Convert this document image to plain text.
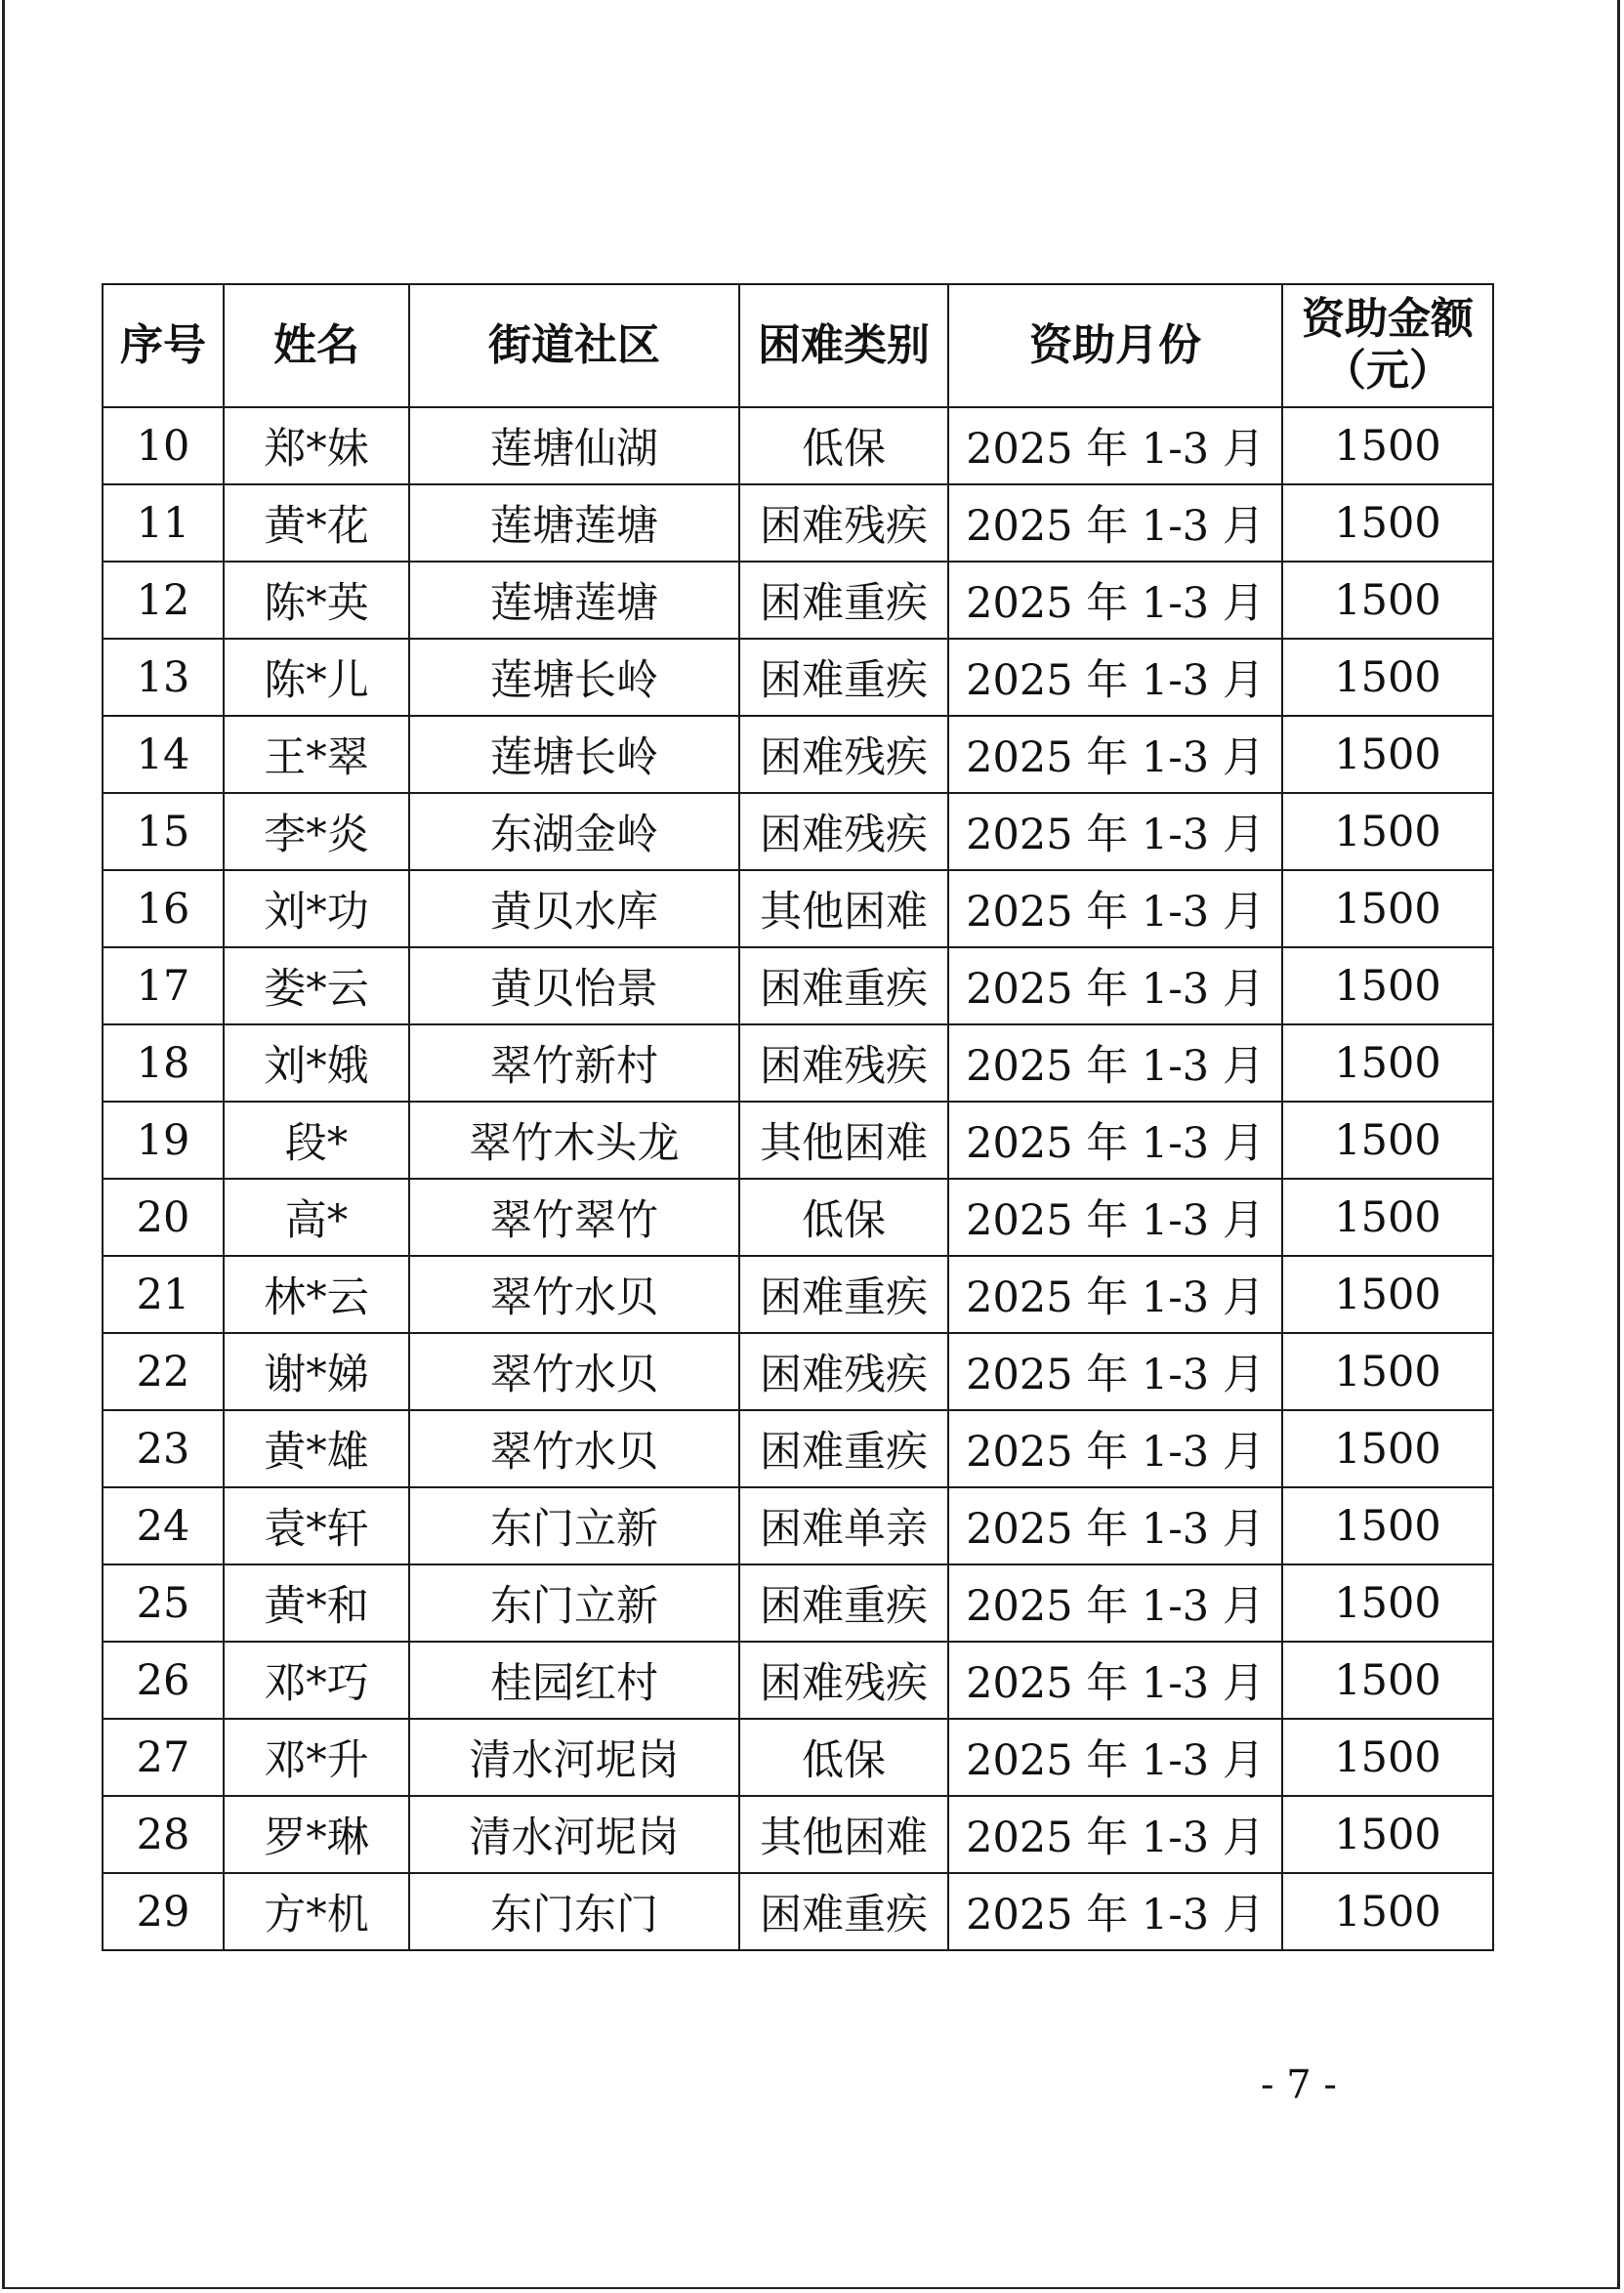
序号	姓名	街道社区	困难类别	资助月份	资助金额
（元）

10	郑*妹	莲塘仙湖	低保	2025 年 1-3 月	1500
11	黄*花	莲塘莲塘	困难残疾	2025 年 1-3 月	1500
12	陈*英	莲塘莲塘	困难重疾	2025 年 1-3 月	1500
13	陈*儿	莲塘长岭	困难重疾	2025 年 1-3 月	1500
14	王*翠	莲塘长岭	困难残疾	2025 年 1-3 月	1500
15	李*炎	东湖金岭	困难残疾	2025 年 1-3 月	1500
16	刘*功	黄贝水库	其他困难	2025 年 1-3 月	1500
17	娄*云	黄贝怡景	困难重疾	2025 年 1-3 月	1500
18	刘*娥	翠竹新村	困难残疾	2025 年 1-3 月	1500
19	段*	翠竹木头龙	其他困难	2025 年 1-3 月	1500
20	高*	翠竹翠竹	低保	2025 年 1-3 月	1500
21	林*云	翠竹水贝	困难重疾	2025 年 1-3 月	1500
22	谢*娣	翠竹水贝	困难残疾	2025 年 1-3 月	1500
23	黄*雄	翠竹水贝	困难重疾	2025 年 1-3 月	1500
24	袁*轩	东门立新	困难单亲	2025 年 1-3 月	1500
25	黄*和	东门立新	困难重疾	2025 年 1-3 月	1500
26	邓*巧	桂园红村	困难残疾	2025 年 1-3 月	1500
27	邓*升	清水河坭岗	低保	2025 年 1-3 月	1500
28	罗*琳	清水河坭岗	其他困难	2025 年 1-3 月	1500
29	方*机	东门东门	困难重疾	2025 年 1-3 月	1500
- 7 -
